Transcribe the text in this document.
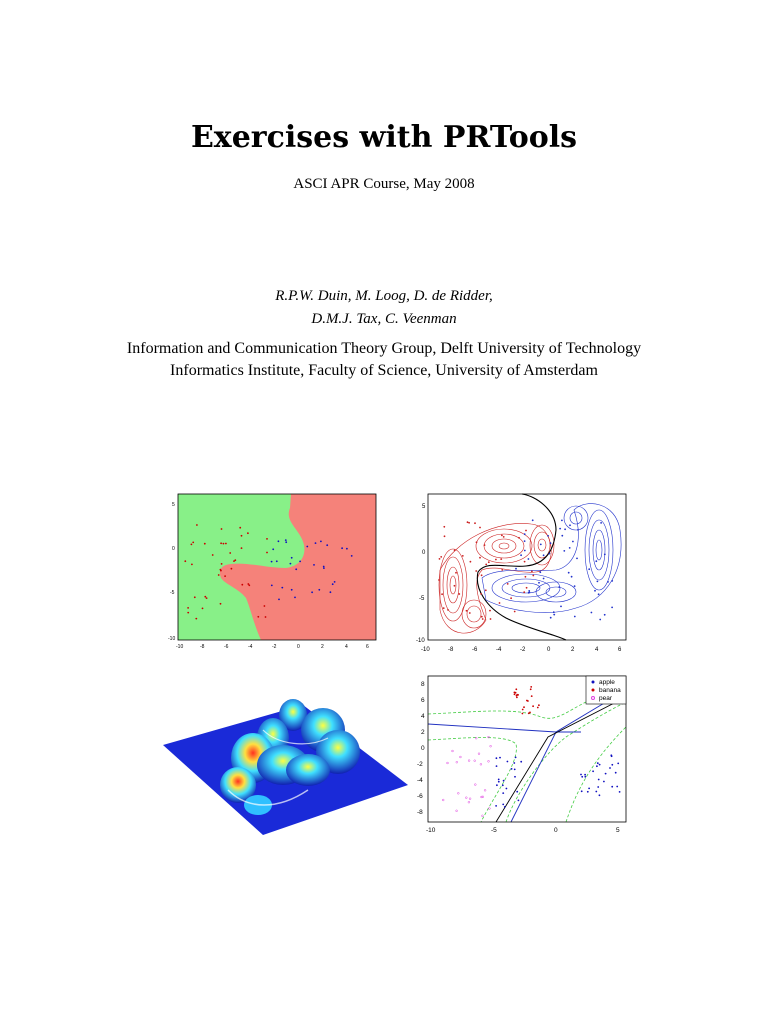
Exercises with PRTools
ASCI APR Course, May 2008
R.P.W. Duin, M. Loog, D. de Ridder,
D.M.J. Tax, C. Veenman
Information and Communication Theory Group, Delft University of Technology
Informatics Institute, Faculty of Science, University of Amsterdam
-10	-8	-6	-4	-2	0	2	4	6
5
0
-5
-10
-10	-8	-6	-4	-2	0	2	4	6
5
0
-5
-10
apple
banana
pear
-10	-5	0	5
8
6
4
2
0
-2
-4
-6
-8
